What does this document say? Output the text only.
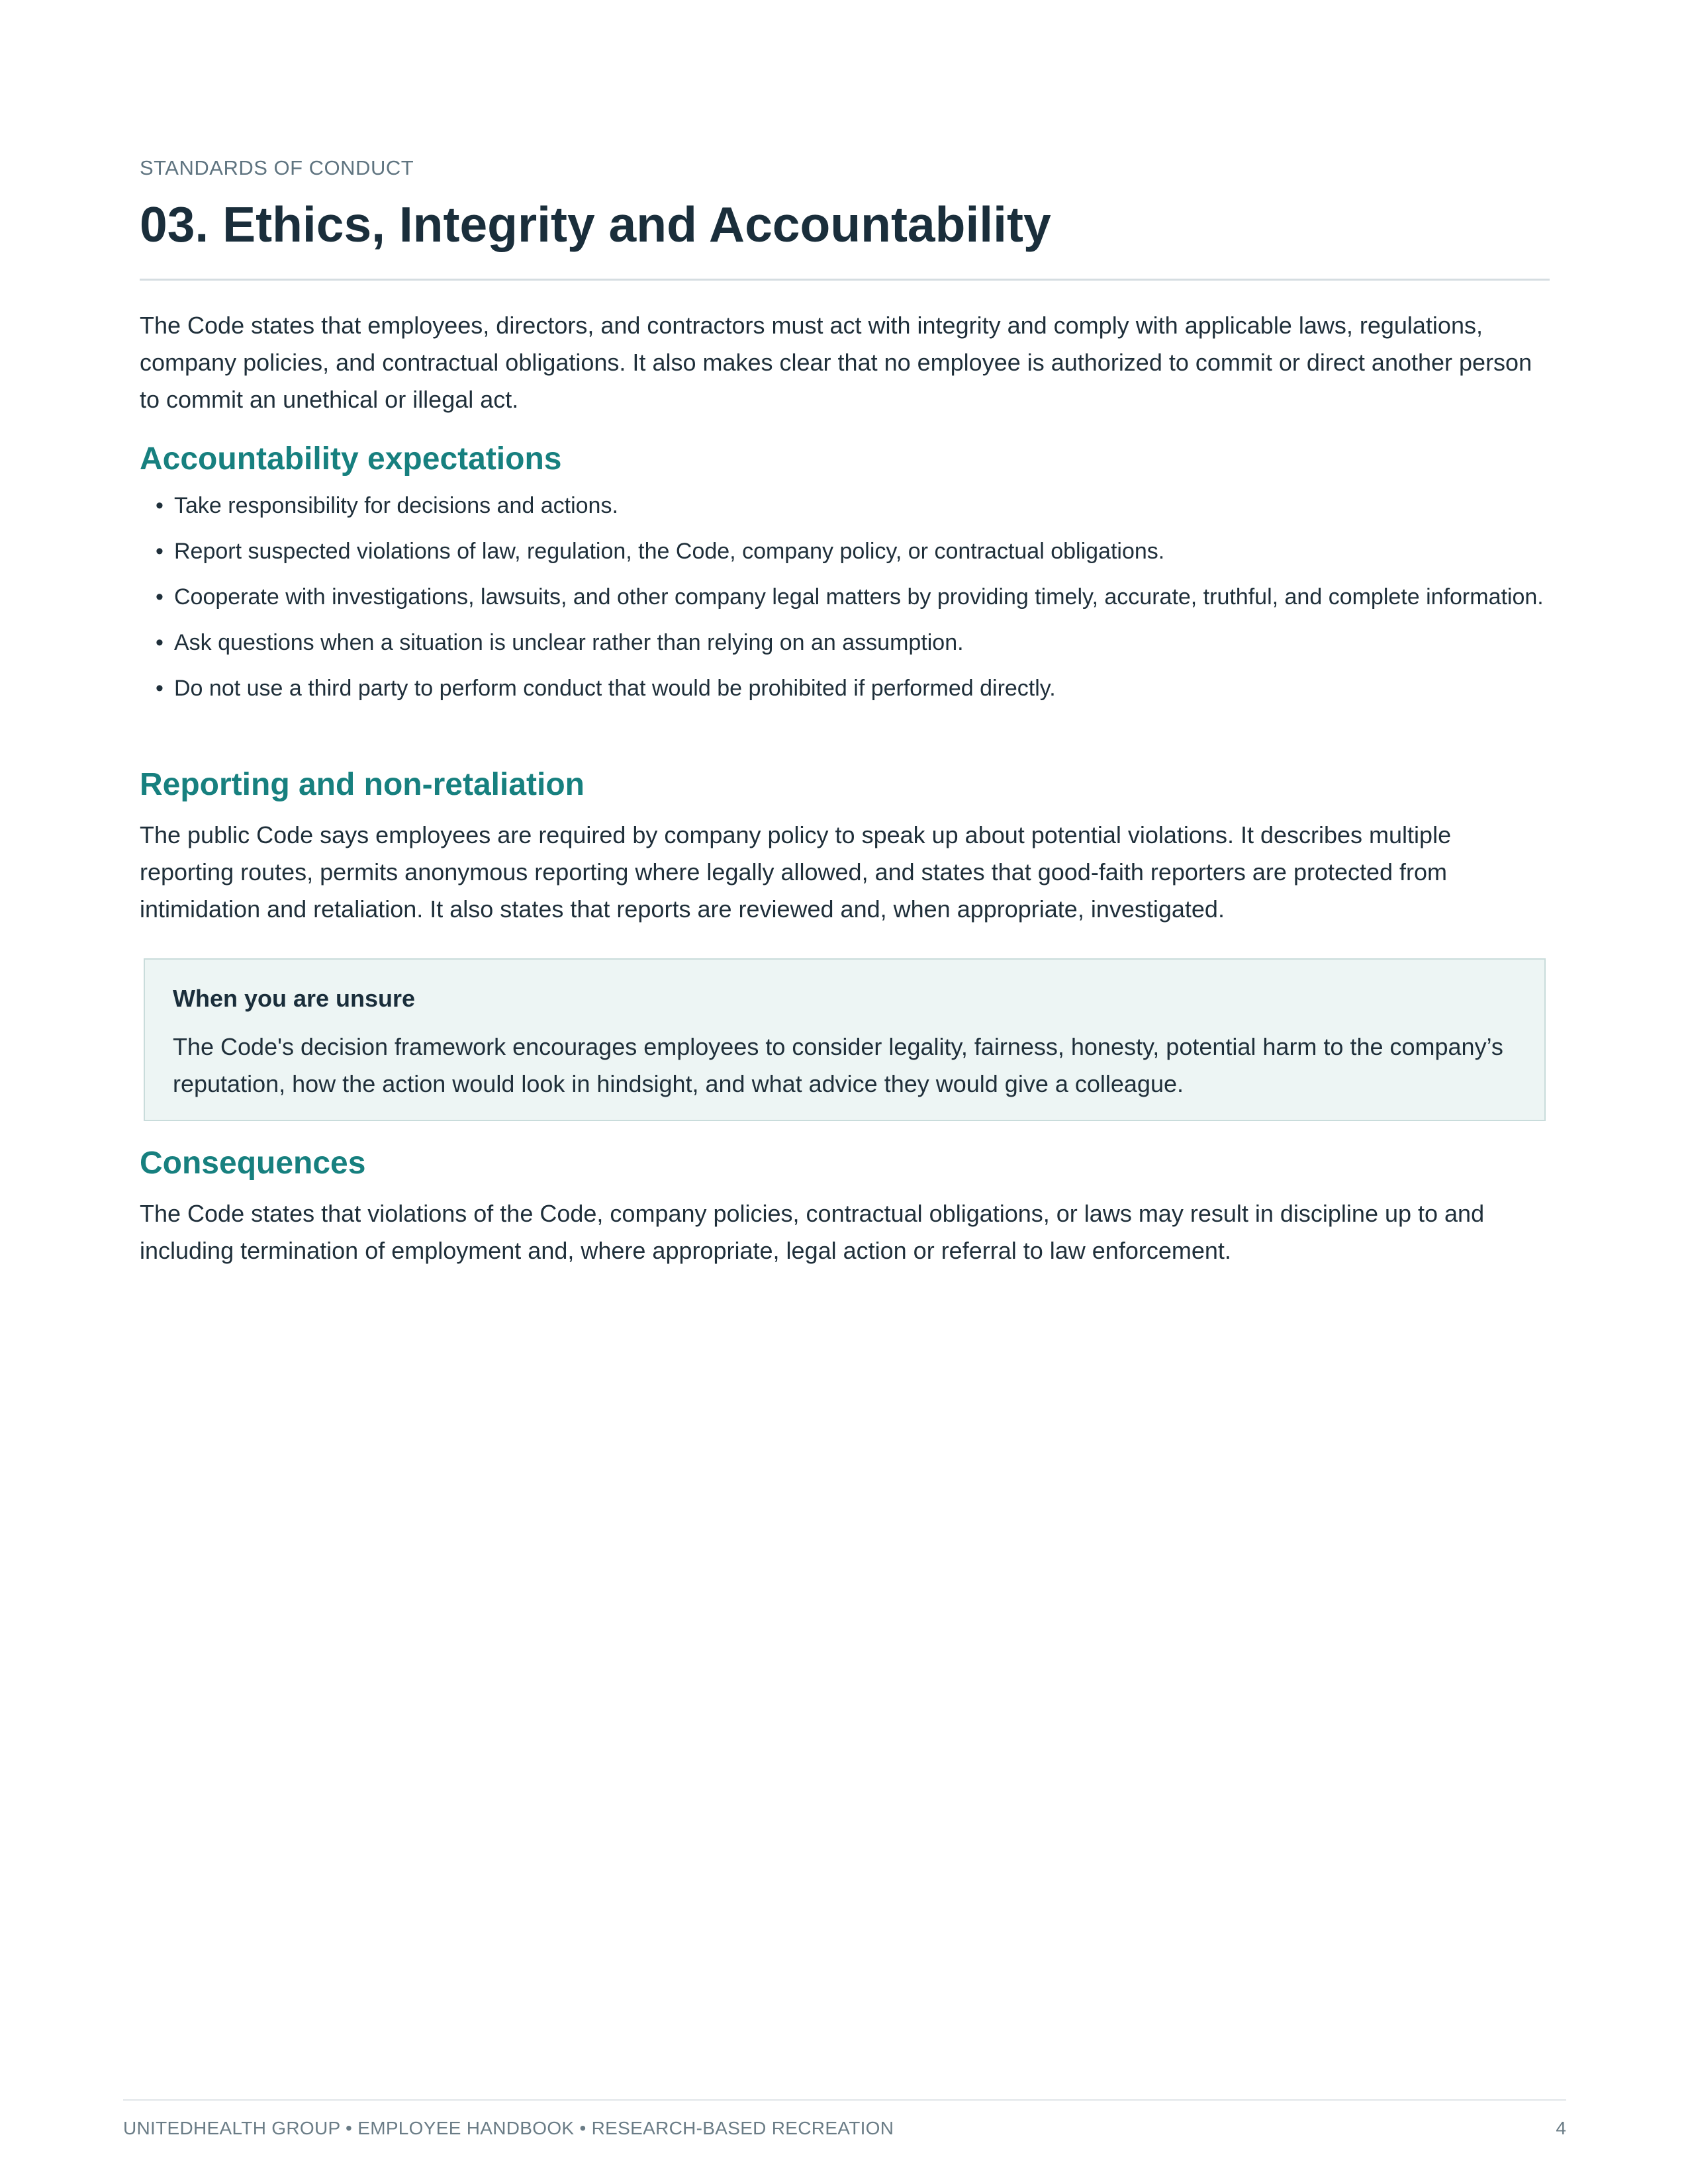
STANDARDS OF CONDUCT
03. Ethics, Integrity and Accountability

The Code states that employees, directors, and contractors must act with integrity and comply with applicable laws, regulations, company policies, and contractual obligations. It also makes clear that no employee is authorized to commit or direct another person to commit an unethical or illegal act.

Accountability expectations
• Take responsibility for decisions and actions.
• Report suspected violations of law, regulation, the Code, company policy, or contractual obligations.
• Cooperate with investigations, lawsuits, and other company legal matters by providing timely, accurate, truthful, and complete information.
• Ask questions when a situation is unclear rather than relying on an assumption.
• Do not use a third party to perform conduct that would be prohibited if performed directly.
Reporting and non-retaliation

The public Code says employees are required by company policy to speak up about potential violations. It describes multiple reporting routes, permits anonymous reporting where legally allowed, and states that good-faith reporters are protected from intimidation and retaliation. It also states that reports are reviewed and, when appropriate, investigated.

When you are unsure

The Code's decision framework encourages employees to consider legality, fairness, honesty, potential harm to the company’s reputation, how the action would look in hindsight, and what advice they would give a colleague.

Consequences

The Code states that violations of the Code, company policies, contractual obligations, or laws may result in discipline up to and including termination of employment and, where appropriate, legal action or referral to law enforcement.

UNITEDHEALTH GROUP • EMPLOYEE HANDBOOK • RESEARCH-BASED RECREATION	4
